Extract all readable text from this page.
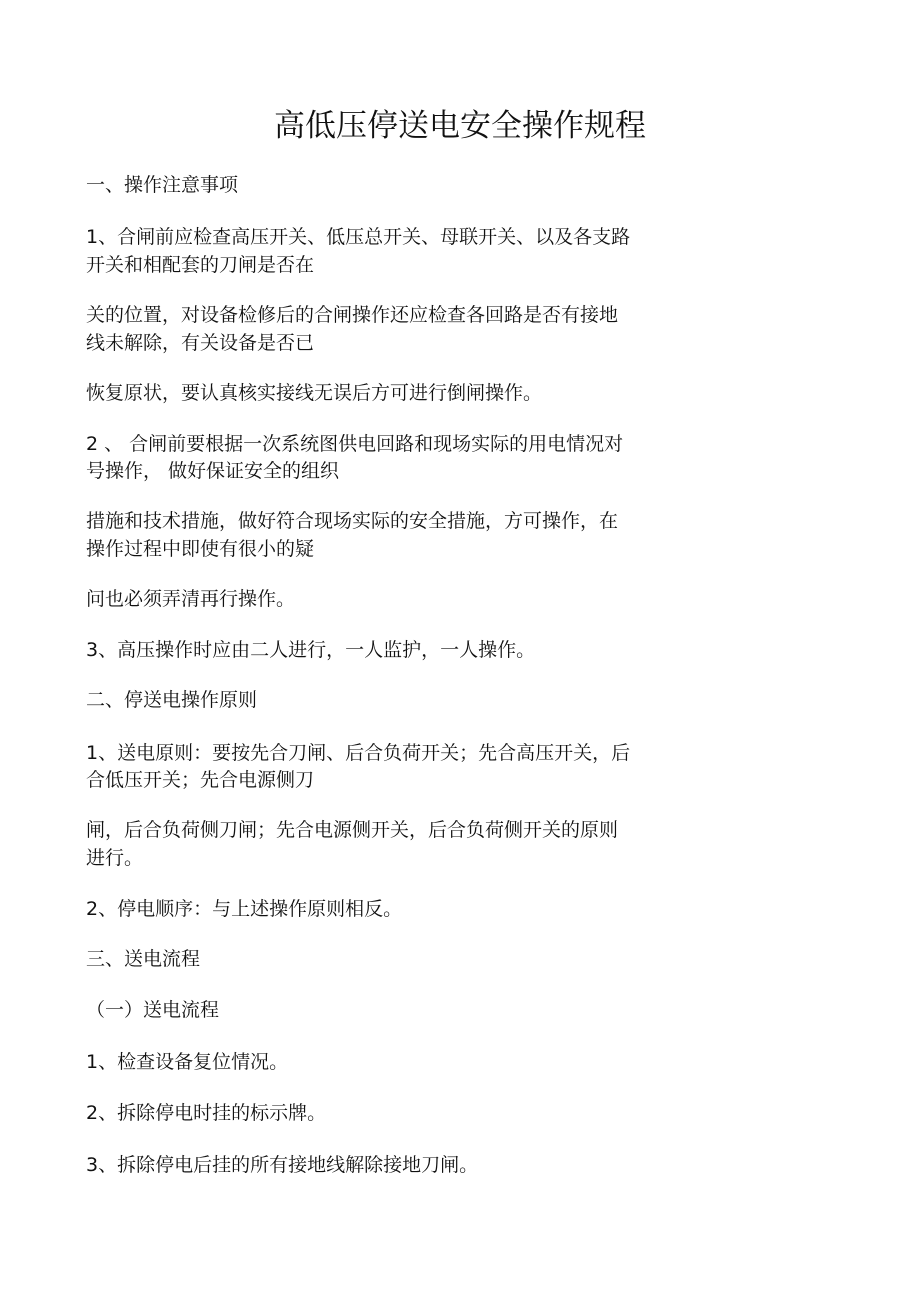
高低压停送电安全操作规程
一、操作注意事项
1、合闸前应检查高压开关、低压总开关、母联开关、以及各支路
开关和相配套的刀闸是否在
关的位置，对设备检修后的合闸操作还应检查各回路是否有接地
线未解除，有关设备是否已
恢复原状，要认真核实接线无误后方可进行倒闸操作。
2 、 合闸前要根据一次系统图供电回路和现场实际的用电情况对
号操作， 做好保证安全的组织
措施和技术措施，做好符合现场实际的安全措施，方可操作，在
操作过程中即使有很小的疑
问也必须弄清再行操作。
3、高压操作时应由二人进行，一人监护，一人操作。
二、停送电操作原则
1、送电原则：要按先合刀闸、后合负荷开关；先合高压开关，后
合低压开关；先合电源侧刀
闸，后合负荷侧刀闸；先合电源侧开关，后合负荷侧开关的原则
进行。
2、停电顺序：与上述操作原则相反。
三、送电流程
（一）送电流程
1、检查设备复位情况。
2、拆除停电时挂的标示牌。
3、拆除停电后挂的所有接地线解除接地刀闸。
